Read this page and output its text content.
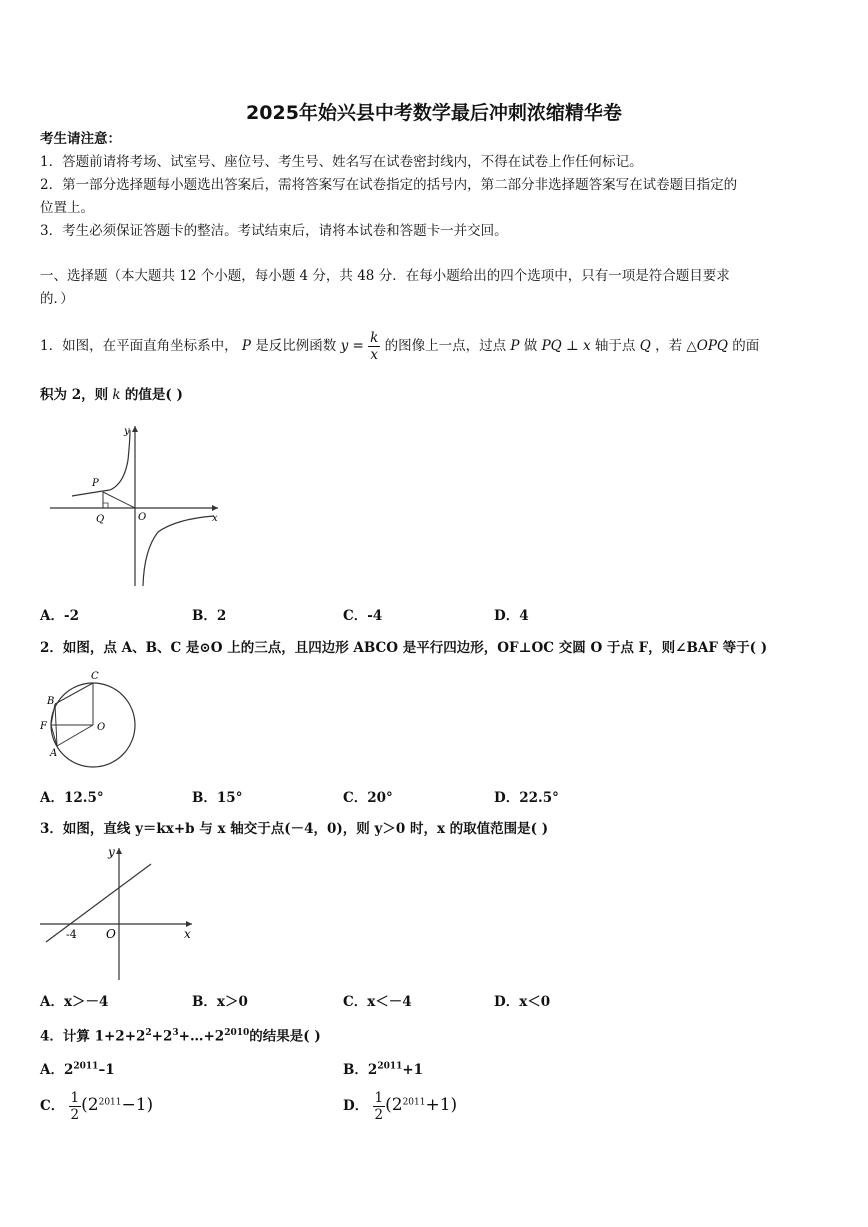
2025年始兴县中考数学最后冲刺浓缩精华卷
考生请注意：
1．答题前请将考场、试室号、座位号、考生号、姓名写在试卷密封线内，不得在试卷上作任何标记。
2．第一部分选择题每小题选出答案后，需将答案写在试卷指定的括号内，第二部分非选择题答案写在试卷题目指定的
位置上。
3．考生必须保证答题卡的整洁。考试结束后，请将本试卷和答题卡一并交回。
一、选择题（本大题共 12 个小题，每小题 4 分，共 48 分．在每小题给出的四个选项中，只有一项是符合题目要求
的．）
1．如图，在平面直角坐标系中， P 是反比例函数 $y = \frac{k}{x}$ 的图像上一点，过点 P 做 PQ ⊥ x 轴于点 Q ，若 △OPQ 的面
积为 2，则 k 的值是( )
y
x
P
Q	O
A．-2	B．2	C．-4	D．4
2．如图，点 A、B、C 是⊙O 上的三点，且四边形 ABCO 是平行四边形，OF⊥OC 交圆 O 于点 F，则∠BAF 等于( )
C
B
F	O
A
A．12.5°	B．15°	C．20°	D．22.5°
3．如图，直线 y＝kx+b 与 x 轴交于点(－4，0)，则 y＞0 时，x 的取值范围是( )
y
x
O
-4
A．x＞－4	B．x＞0	C．x＜－4	D．x＜0
4．计算 $1+2+2^2+2^3+\dots+2^{2010}$的结果是( )
A．$2^{2011}-1$	B．$2^{2011}+1$
C． $\frac{1}{2} (2^{2011}-1)$	D． $\frac{1}{2} (2^{2011}+1)$
